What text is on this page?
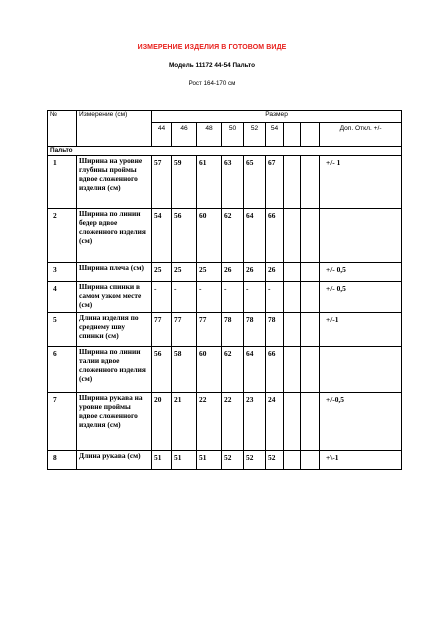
ИЗМЕРЕНИЕ ИЗДЕЛИЯ В ГОТОВОМ ВИДЕ
Модель 11172 44-54 Пальто
Рост 164-170 см
№	Измерение (см)	Размер								
		44	46	48	50	52	54			Доп. Откл. +/-
Пальто										
1	Ширина на уровне глубины проймы вдвое сложенного изделия (см)	57	59	61	63	65	67			+/- 1
2	Ширина по линии бедер вдвое сложенного изделия (см)	54	56	60	62	64	66			
3	Ширина плеча (см)	25	25	25	26	26	26			+/- 0,5
4	Ширина спинки в самом узком месте (см)	-	-	-	-	-	-			+/- 0,5
5	Длина изделия по среднему шву спинки (см)	77	77	77	78	78	78			+/-1
6	Ширина по линии талии вдвое сложенного изделия (см)	56	58	60	62	64	66			
7	Ширина рукава на уровне проймы вдвое сложенного изделия (см)	20	21	22	22	23	24			+/-0,5
8	Длина рукава (см)	51	51	51	52	52	52			+\-1
